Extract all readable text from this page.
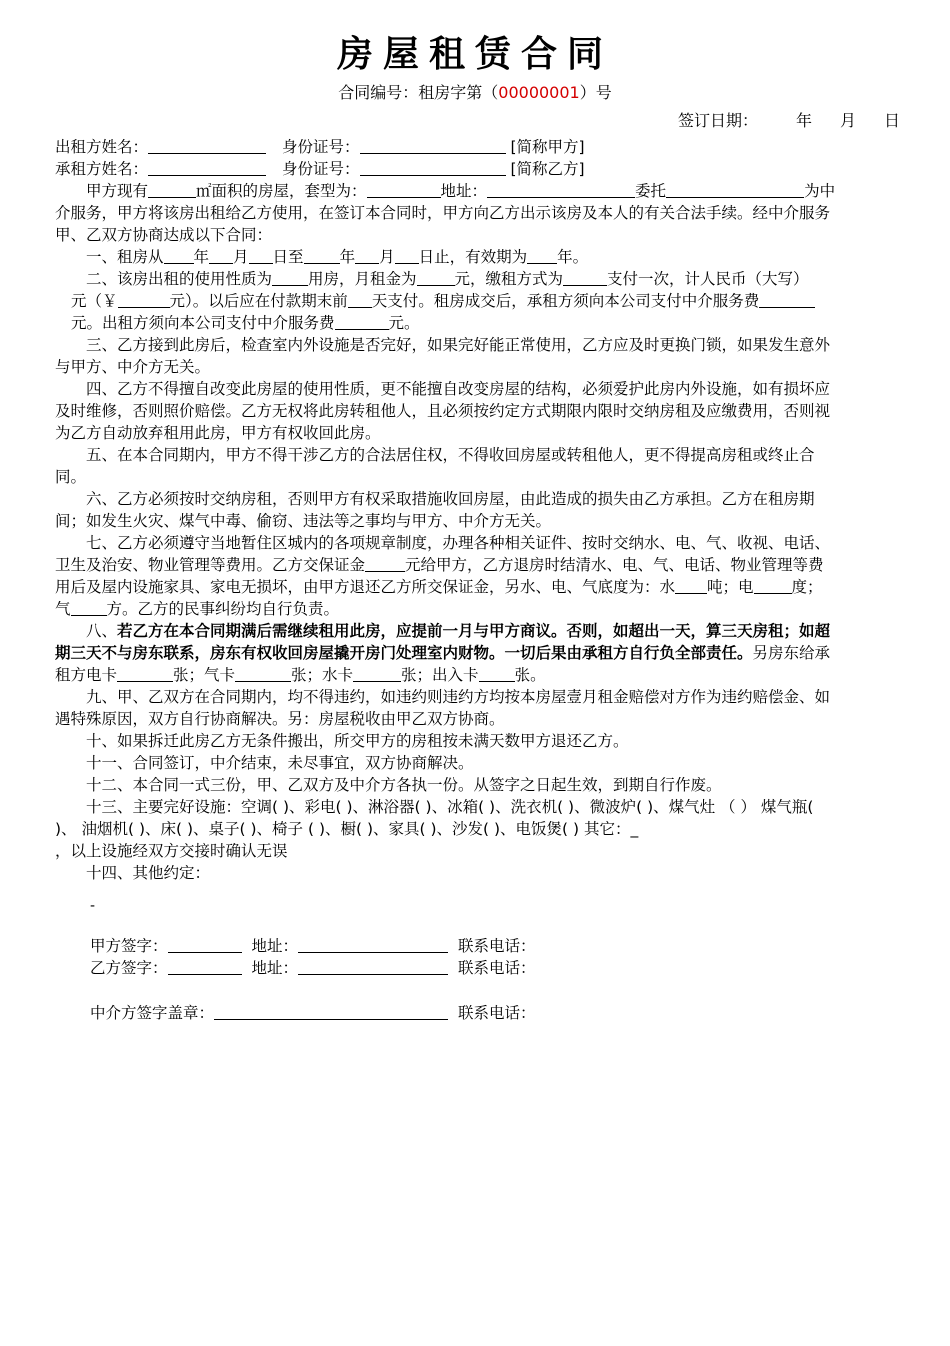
房屋租赁合同
合同编号：租房字第（00000001）号
签订日期： 年 月 日
出租方姓名：	身份证号：	[简称甲方]
承租方姓名：	身份证号：	[简称乙方]
甲方现有	㎡面积的房屋，套型为：	地址：	委托	为中
介服务，甲方将该房出租给乙方使用，在签订本合同时，甲方向乙方出示该房及本人的有关合法手续。经中介服务
甲、乙双方协商达成以下合同：
一、租房从 年 月 日至 年 月 日止，有效期为 年。
二、该房出租的使用性质为 用房，月租金为 元，缴租方式为	支付一次，计人民币（大写）
元（￥	元）。以后应在付款期末前 天支付。租房成交后，承租方须向本公司支付中介服务费
元。出租方须向本公司支付中介服务费	元。
三、乙方接到此房后，检查室内外设施是否完好，如果完好能正常使用，乙方应及时更换门锁，如果发生意外
与甲方、中介方无关。
四、乙方不得擅自改变此房屋的使用性质，更不能擅自改变房屋的结构，必须爱护此房内外设施，如有损坏应
及时维修，否则照价赔偿。乙方无权将此房转租他人，且必须按约定方式期限内限时交纳房租及应缴费用，否则视
为乙方自动放弃租用此房，甲方有权收回此房。
五、在本合同期内，甲方不得干涉乙方的合法居住权，不得收回房屋或转租他人，更不得提高房租或终止合
同。
六、乙方必须按时交纳房租，否则甲方有权采取措施收回房屋，由此造成的损失由乙方承担。乙方在租房期
间；如发生火灾、煤气中毒、偷窃、违法等之事均与甲方、中介方无关。
七、乙方必须遵守当地暂住区城内的各项规章制度，办理各种相关证件、按时交纳水、电、气、收视、电话、
卫生及治安、物业管理等费用。乙方交保证金	元给甲方，乙方退房时结清水、电、气、电话、物业管理等费
用后及屋内设施家具、家电无损坏，由甲方退还乙方所交保证金，另水、电、气底度为：水 吨；电 度；
气 方。乙方的民事纠纷均自行负责。
八、若乙方在本合同期满后需继续租用此房，应提前一月与甲方商议。否则，如超出一天，算三天房租；如超
期三天不与房东联系，房东有权收回房屋撬开房门处理室内财物。一切后果由承租方自行负全部责任。另房东给承
租方电卡	张；气卡	张；水卡	张；出入卡 张。
九、甲、乙双方在合同期内，均不得违约，如违约则违约方均按本房屋壹月租金赔偿对方作为违约赔偿金、如
遇特殊原因，双方自行协商解决。另：房屋税收由甲乙双方协商。
十、如果拆迁此房乙方无条件搬出，所交甲方的房租按未满天数甲方退还乙方。
十一、合同签订，中介结束，未尽事宜，双方协商解决。
十二、本合同一式三份，甲、乙双方及中介方各执一份。从签字之日起生效，到期自行作废。
十三、主要完好设施：空调( )、彩电( )、淋浴器( )、冰箱( )、洗衣机( )、微波炉( )、煤气灶 （ ） 煤气瓶(
)、 油烟机( )、床( )、桌子( )、椅子 ( )、橱( )、家具( )、沙发( )、电饭煲( ) 其它：_
，以上设施经双方交接时确认无误
十四、其他约定：
-
甲方签字：	地址：	联系电话：
乙方签字：	地址：	联系电话：
中介方签字盖章：	联系电话：
